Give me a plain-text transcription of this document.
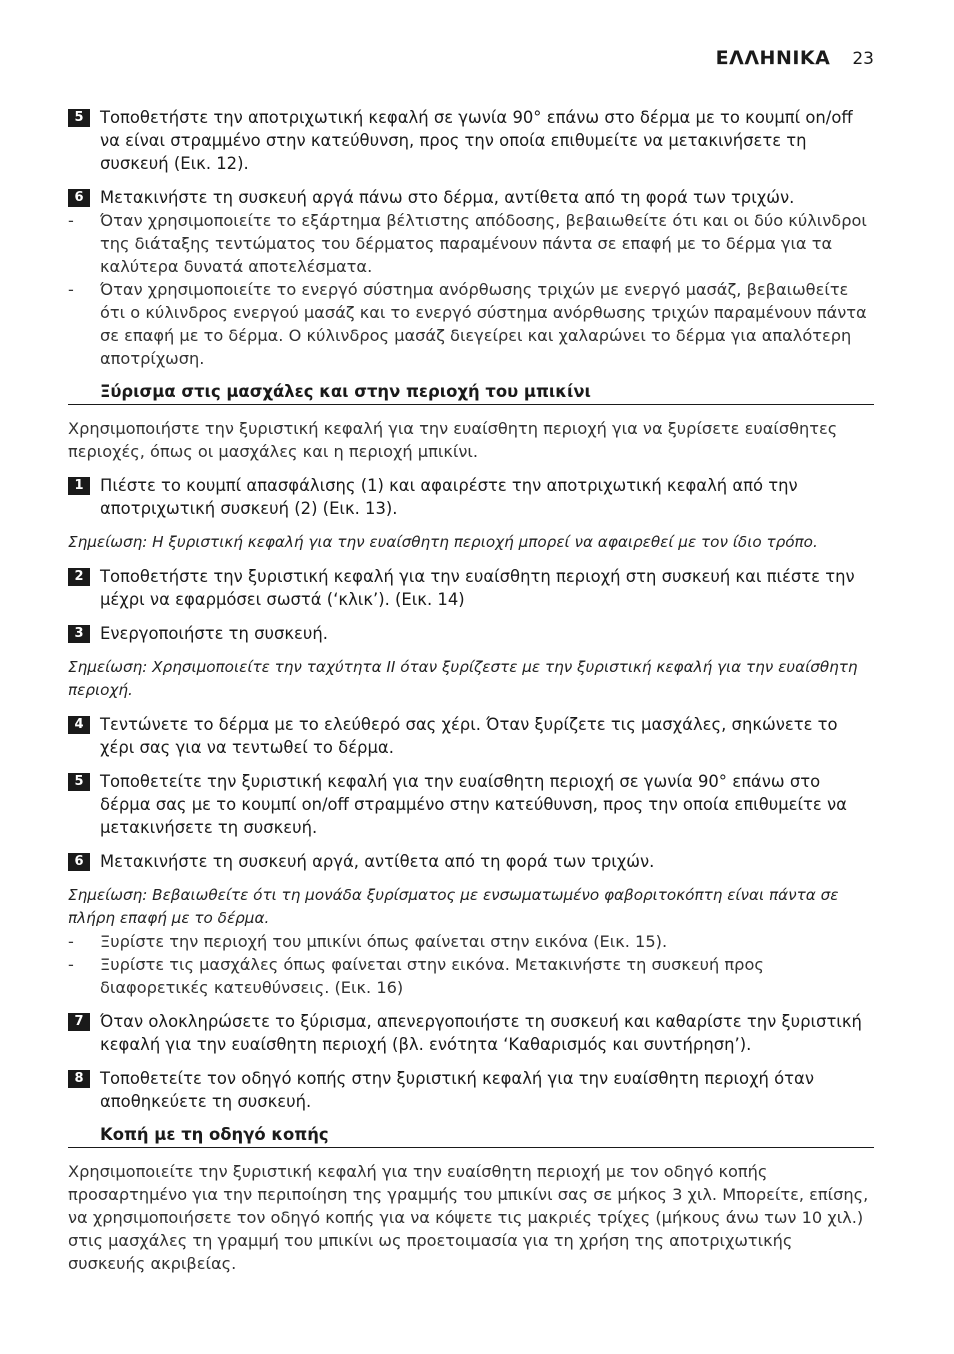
ΕΛΛΗΝΙΚΑ 23
5	Τοποθετήστε την αποτριχωτική κεφαλή σε γωνία 90° επάνω στο δέρμα με το κουμπί on/off να είναι στραμμένο στην κατεύθυνση, προς την οποία επιθυμείτε να μετακινήσετε τη συσκευή (Εικ. 12).
6	Μετακινήστε τη συσκευή αργά πάνω στο δέρμα, αντίθετα από τη φορά των τριχών.
- Όταν χρησιμοποιείτε το εξάρτημα βέλτιστης απόδοσης, βεβαιωθείτε ότι και οι δύο κύλινδροι της διάταξης τεντώματος του δέρματος παραμένουν πάντα σε επαφή με το δέρμα για τα καλύτερα δυνατά αποτελέσματα.
- Όταν χρησιμοποιείτε το ενεργό σύστημα ανόρθωσης τριχών με ενεργό μασάζ, βεβαιωθείτε ότι ο κύλινδρος ενεργού μασάζ και το ενεργό σύστημα ανόρθωσης τριχών παραμένουν πάντα σε επαφή με το δέρμα. Ο κύλινδρος μασάζ διεγείρει και χαλαρώνει το δέρμα για απαλότερη αποτρίχωση.
Ξύρισμα στις μασχάλες και στην περιοχή του μπικίνι
Χρησιμοποιήστε την ξυριστική κεφαλή για την ευαίσθητη περιοχή για να ξυρίσετε ευαίσθητες περιοχές, όπως οι μασχάλες και η περιοχή μπικίνι.
1	Πιέστε το κουμπί απασφάλισης (1) και αφαιρέστε την αποτριχωτική κεφαλή από την αποτριχωτική συσκευή (2) (Εικ. 13).
Σημείωση: Η ξυριστική κεφαλή για την ευαίσθητη περιοχή μπορεί να αφαιρεθεί με τον ίδιο τρόπο.
2	Τοποθετήστε την ξυριστική κεφαλή για την ευαίσθητη περιοχή στη συσκευή και πιέστε την μέχρι να εφαρμόσει σωστά (‘κλικ’). (Εικ. 14)
3	Ενεργοποιήστε τη συσκευή.
Σημείωση: Χρησιμοποιείτε την ταχύτητα II όταν ξυρίζεστε με την ξυριστική κεφαλή για την ευαίσθητη περιοχή.
4	Τεντώνετε το δέρμα με το ελεύθερό σας χέρι. Όταν ξυρίζετε τις μασχάλες, σηκώνετε το χέρι σας για να τεντωθεί το δέρμα.
5	Τοποθετείτε την ξυριστική κεφαλή για την ευαίσθητη περιοχή σε γωνία 90° επάνω στο δέρμα σας με το κουμπί on/off στραμμένο στην κατεύθυνση, προς την οποία επιθυμείτε να μετακινήσετε τη συσκευή.
6	Μετακινήστε τη συσκευή αργά, αντίθετα από τη φορά των τριχών.
Σημείωση: Βεβαιωθείτε ότι τη μονάδα ξυρίσματος με ενσωματωμένο φαβοριτοκόπτη είναι πάντα σε πλήρη επαφή με το δέρμα.
- Ξυρίστε την περιοχή του μπικίνι όπως φαίνεται στην εικόνα (Εικ. 15).
- Ξυρίστε τις μασχάλες όπως φαίνεται στην εικόνα. Μετακινήστε τη συσκευή προς διαφορετικές κατευθύνσεις. (Εικ. 16)
7	Όταν ολοκληρώσετε το ξύρισμα, απενεργοποιήστε τη συσκευή και καθαρίστε την ξυριστική κεφαλή για την ευαίσθητη περιοχή (βλ. ενότητα ‘Καθαρισμός και συντήρηση’).
8	Τοποθετείτε τον οδηγό κοπής στην ξυριστική κεφαλή για την ευαίσθητη περιοχή όταν αποθηκεύετε τη συσκευή.
Κοπή με τη οδηγό κοπής
Χρησιμοποιείτε την ξυριστική κεφαλή για την ευαίσθητη περιοχή με τον οδηγό κοπής προσαρτημένο για την περιποίηση της γραμμής του μπικίνι σας σε μήκος 3 χιλ. Μπορείτε, επίσης, να χρησιμοποιήσετε τον οδηγό κοπής για να κόψετε τις μακριές τρίχες (μήκους άνω των 10 χιλ.) στις μασχάλες τη γραμμή του μπικίνι ως προετοιμασία για τη χρήση της αποτριχωτικής συσκευής ακριβείας.
